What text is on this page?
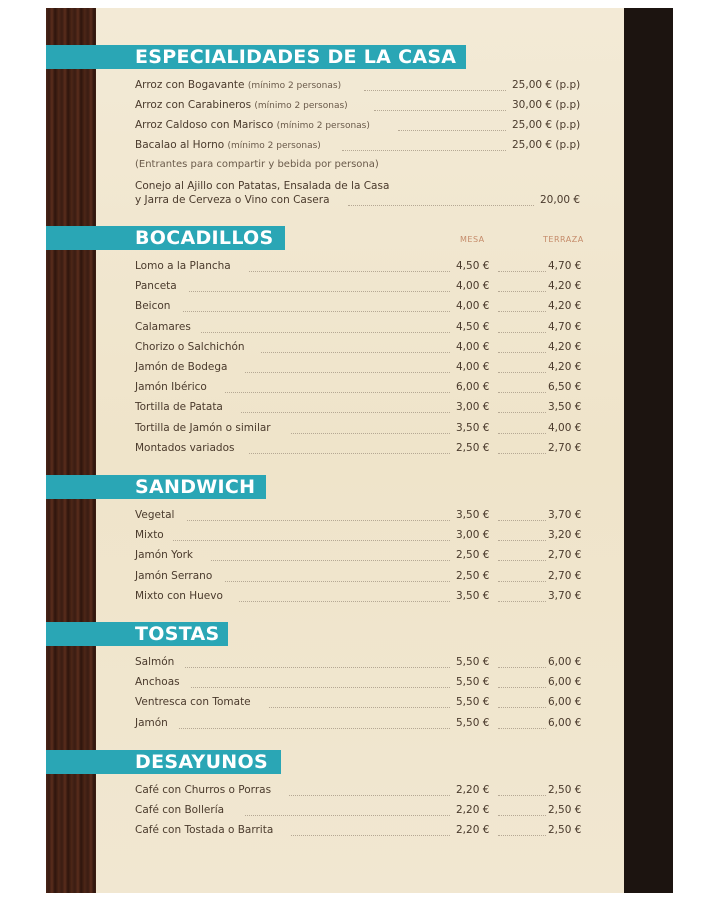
ESPECIALIDADES DE LA CASA
Arroz con Bogavante (mínimo 2 personas)	25,00 € (p.p)
Arroz con Carabineros (mínimo 2 personas)	30,00 € (p.p)
Arroz Caldoso con Marisco (mínimo 2 personas)	25,00 € (p.p)
Bacalao al Horno (mínimo 2 personas)	25,00 € (p.p)
(Entrantes para compartir y bebida por persona)
Conejo al Ajillo con Patatas, Ensalada de la Casa
y Jarra de Cerveza o Vino con Casera	20,00 €
BOCADILLOS	MESA	TERRAZA
Lomo a la Plancha	4,50 €	4,70 €
Panceta	4,00 €	4,20 €
Beicon	4,00 €	4,20 €
Calamares	4,50 €	4,70 €
Chorizo o Salchichón	4,00 €	4,20 €
Jamón de Bodega	4,00 €	4,20 €
Jamón Ibérico	6,00 €	6,50 €
Tortilla de Patata	3,00 €	3,50 €
Tortilla de Jamón o similar	3,50 €	4,00 €
Montados variados	2,50 €	2,70 €
SANDWICH
Vegetal	3,50 €	3,70 €
Mixto	3,00 €	3,20 €
Jamón York	2,50 €	2,70 €
Jamón Serrano	2,50 €	2,70 €
Mixto con Huevo	3,50 €	3,70 €
TOSTAS
Salmón	5,50 €	6,00 €
Anchoas	5,50 €	6,00 €
Ventresca con Tomate	5,50 €	6,00 €
Jamón	5,50 €	6,00 €
DESAYUNOS
Café con Churros o Porras	2,20 €	2,50 €
Café con Bollería	2,20 €	2,50 €
Café con Tostada o Barrita	2,20 €	2,50 €
